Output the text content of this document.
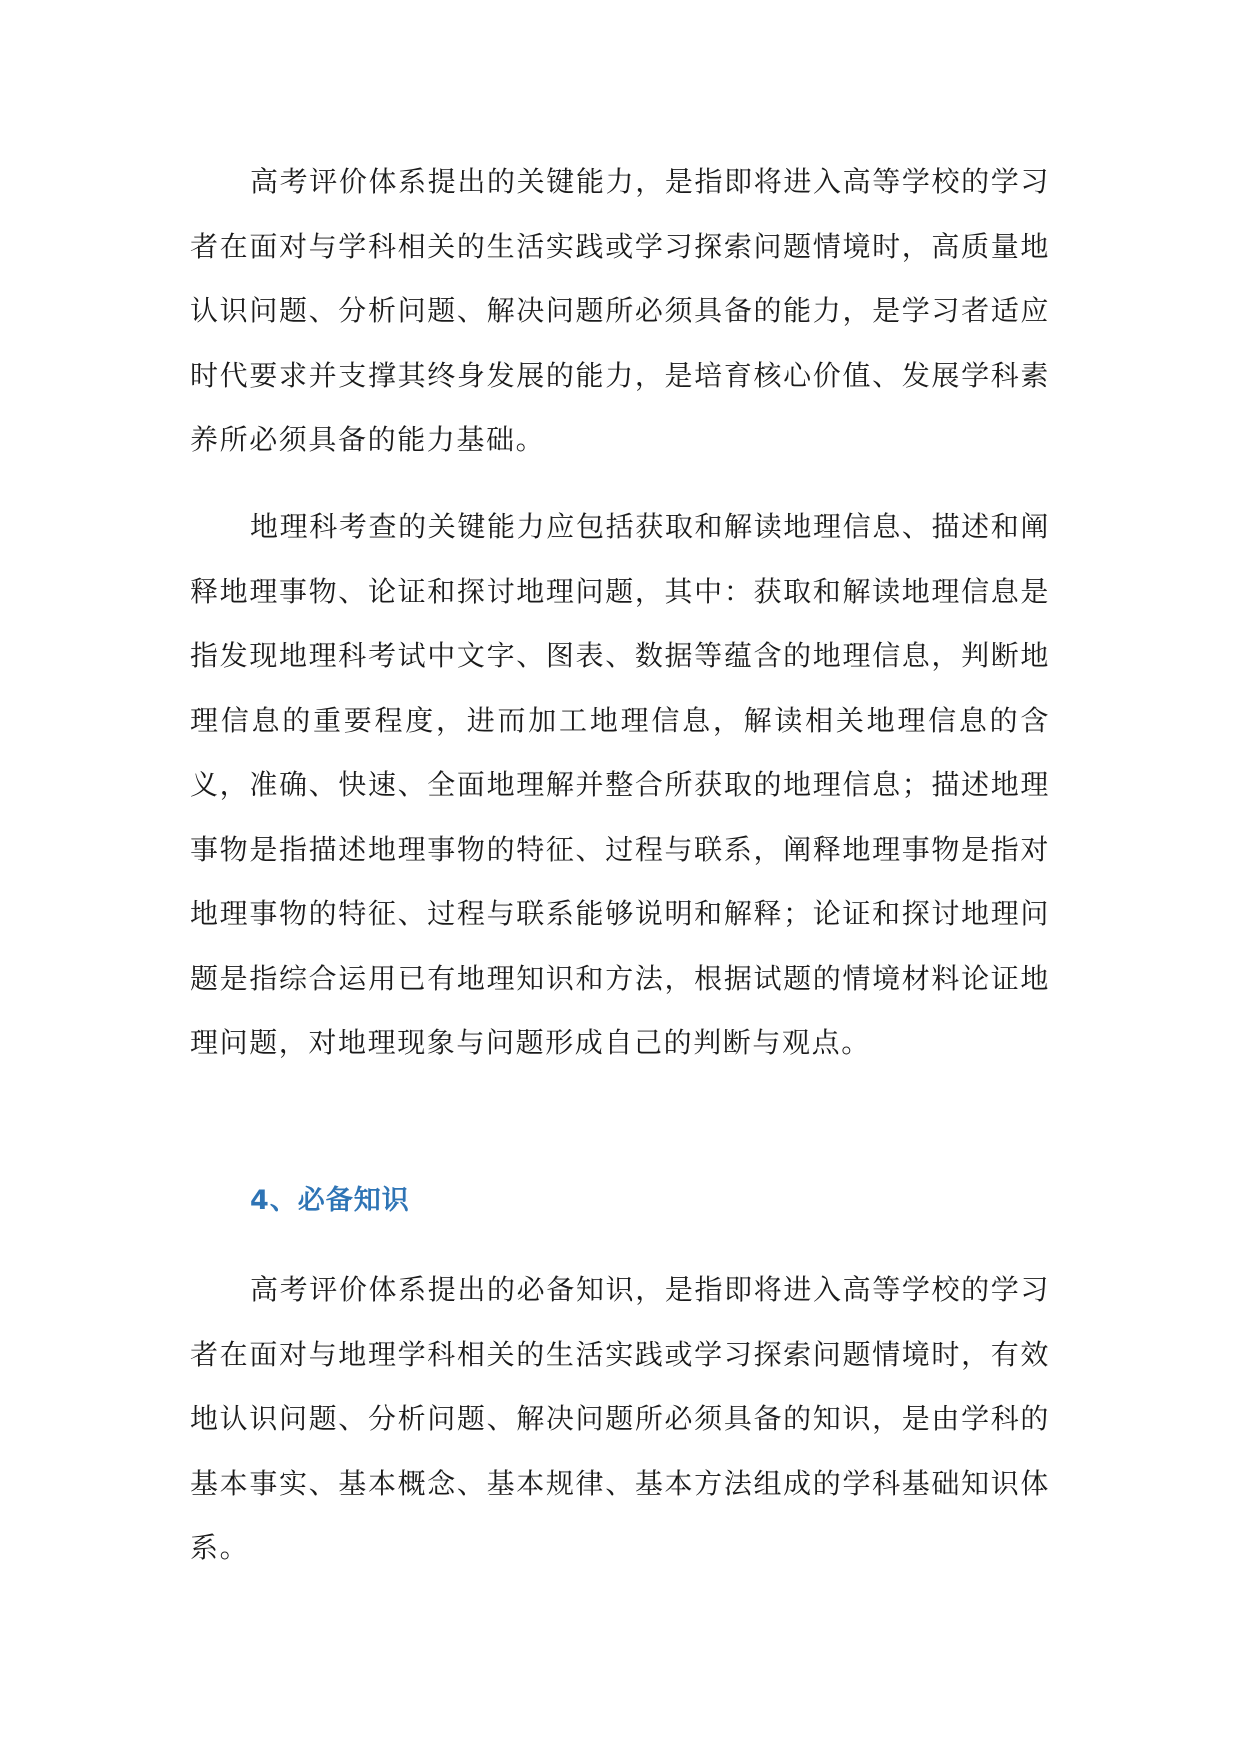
高考评价体系提出的关键能力，是指即将进入高等学校的学习者在面对与学科相关的生活实践或学习探索问题情境时，高质量地认识问题、分析问题、解决问题所必须具备的能力，是学习者适应时代要求并支撑其终身发展的能力，是培育核心价值、发展学科素养所必须具备的能力基础。

地理科考查的关键能力应包括获取和解读地理信息、描述和阐释地理事物、论证和探讨地理问题，其中：获取和解读地理信息是指发现地理科考试中文字、图表、数据等蕴含的地理信息，判断地理信息的重要程度，进而加工地理信息，解读相关地理信息的含义，准确、快速、全面地理解并整合所获取的地理信息；描述地理事物是指描述地理事物的特征、过程与联系，阐释地理事物是指对地理事物的特征、过程与联系能够说明和解释；论证和探讨地理问题是指综合运用已有地理知识和方法，根据试题的情境材料论证地理问题，对地理现象与问题形成自己的判断与观点。

4、必备知识

高考评价体系提出的必备知识，是指即将进入高等学校的学习者在面对与地理学科相关的生活实践或学习探索问题情境时，有效地认识问题、分析问题、解决问题所必须具备的知识，是由学科的基本事实、基本概念、基本规律、基本方法组成的学科基础知识体系。
